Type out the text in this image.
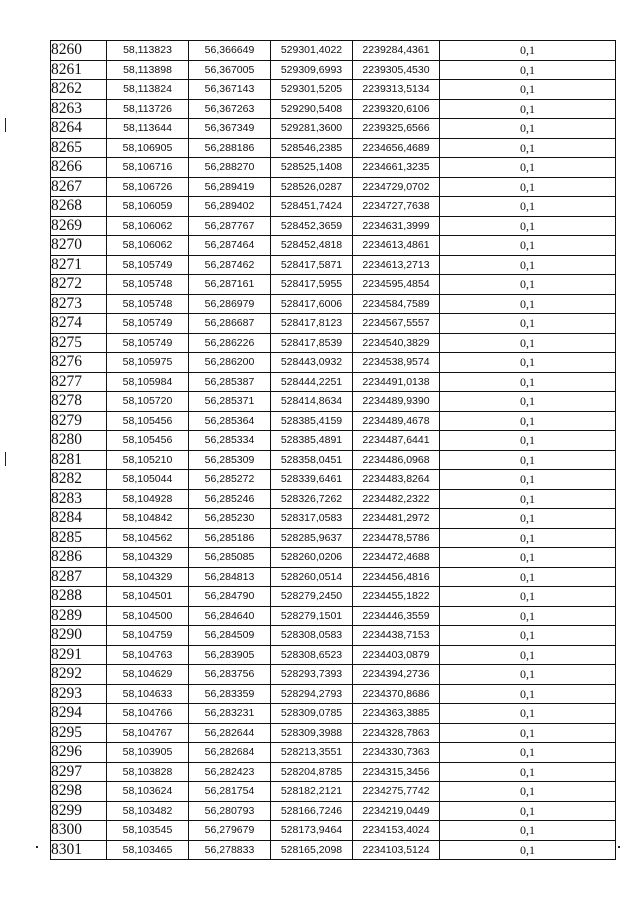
8260	58,113823	56,366649	529301,4022	2239284,4361	0,1
8261	58,113898	56,367005	529309,6993	2239305,4530	0,1
8262	58,113824	56,367143	529301,5205	2239313,5134	0,1
8263	58,113726	56,367263	529290,5408	2239320,6106	0,1
8264	58,113644	56,367349	529281,3600	2239325,6566	0,1
8265	58,106905	56,288186	528546,2385	2234656,4689	0,1
8266	58,106716	56,288270	528525,1408	2234661,3235	0,1
8267	58,106726	56,289419	528526,0287	2234729,0702	0,1
8268	58,106059	56,289402	528451,7424	2234727,7638	0,1
8269	58,106062	56,287767	528452,3659	2234631,3999	0,1
8270	58,106062	56,287464	528452,4818	2234613,4861	0,1
8271	58,105749	56,287462	528417,5871	2234613,2713	0,1
8272	58,105748	56,287161	528417,5955	2234595,4854	0,1
8273	58,105748	56,286979	528417,6006	2234584,7589	0,1
8274	58,105749	56,286687	528417,8123	2234567,5557	0,1
8275	58,105749	56,286226	528417,8539	2234540,3829	0,1
8276	58,105975	56,286200	528443,0932	2234538,9574	0,1
8277	58,105984	56,285387	528444,2251	2234491,0138	0,1
8278	58,105720	56,285371	528414,8634	2234489,9390	0,1
8279	58,105456	56,285364	528385,4159	2234489,4678	0,1
8280	58,105456	56,285334	528385,4891	2234487,6441	0,1
8281	58,105210	56,285309	528358,0451	2234486,0968	0,1
8282	58,105044	56,285272	528339,6461	2234483,8264	0,1
8283	58,104928	56,285246	528326,7262	2234482,2322	0,1
8284	58,104842	56,285230	528317,0583	2234481,2972	0,1
8285	58,104562	56,285186	528285,9637	2234478,5786	0,1
8286	58,104329	56,285085	528260,0206	2234472,4688	0,1
8287	58,104329	56,284813	528260,0514	2234456,4816	0,1
8288	58,104501	56,284790	528279,2450	2234455,1822	0,1
8289	58,104500	56,284640	528279,1501	2234446,3559	0,1
8290	58,104759	56,284509	528308,0583	2234438,7153	0,1
8291	58,104763	56,283905	528308,6523	2234403,0879	0,1
8292	58,104629	56,283756	528293,7393	2234394,2736	0,1
8293	58,104633	56,283359	528294,2793	2234370,8686	0,1
8294	58,104766	56,283231	528309,0785	2234363,3885	0,1
8295	58,104767	56,282644	528309,3988	2234328,7863	0,1
8296	58,103905	56,282684	528213,3551	2234330,7363	0,1
8297	58,103828	56,282423	528204,8785	2234315,3456	0,1
8298	58,103624	56,281754	528182,2121	2234275,7742	0,1
8299	58,103482	56,280793	528166,7246	2234219,0449	0,1
8300	58,103545	56,279679	528173,9464	2234153,4024	0,1
8301	58,103465	56,278833	528165,2098	2234103,5124	0,1
